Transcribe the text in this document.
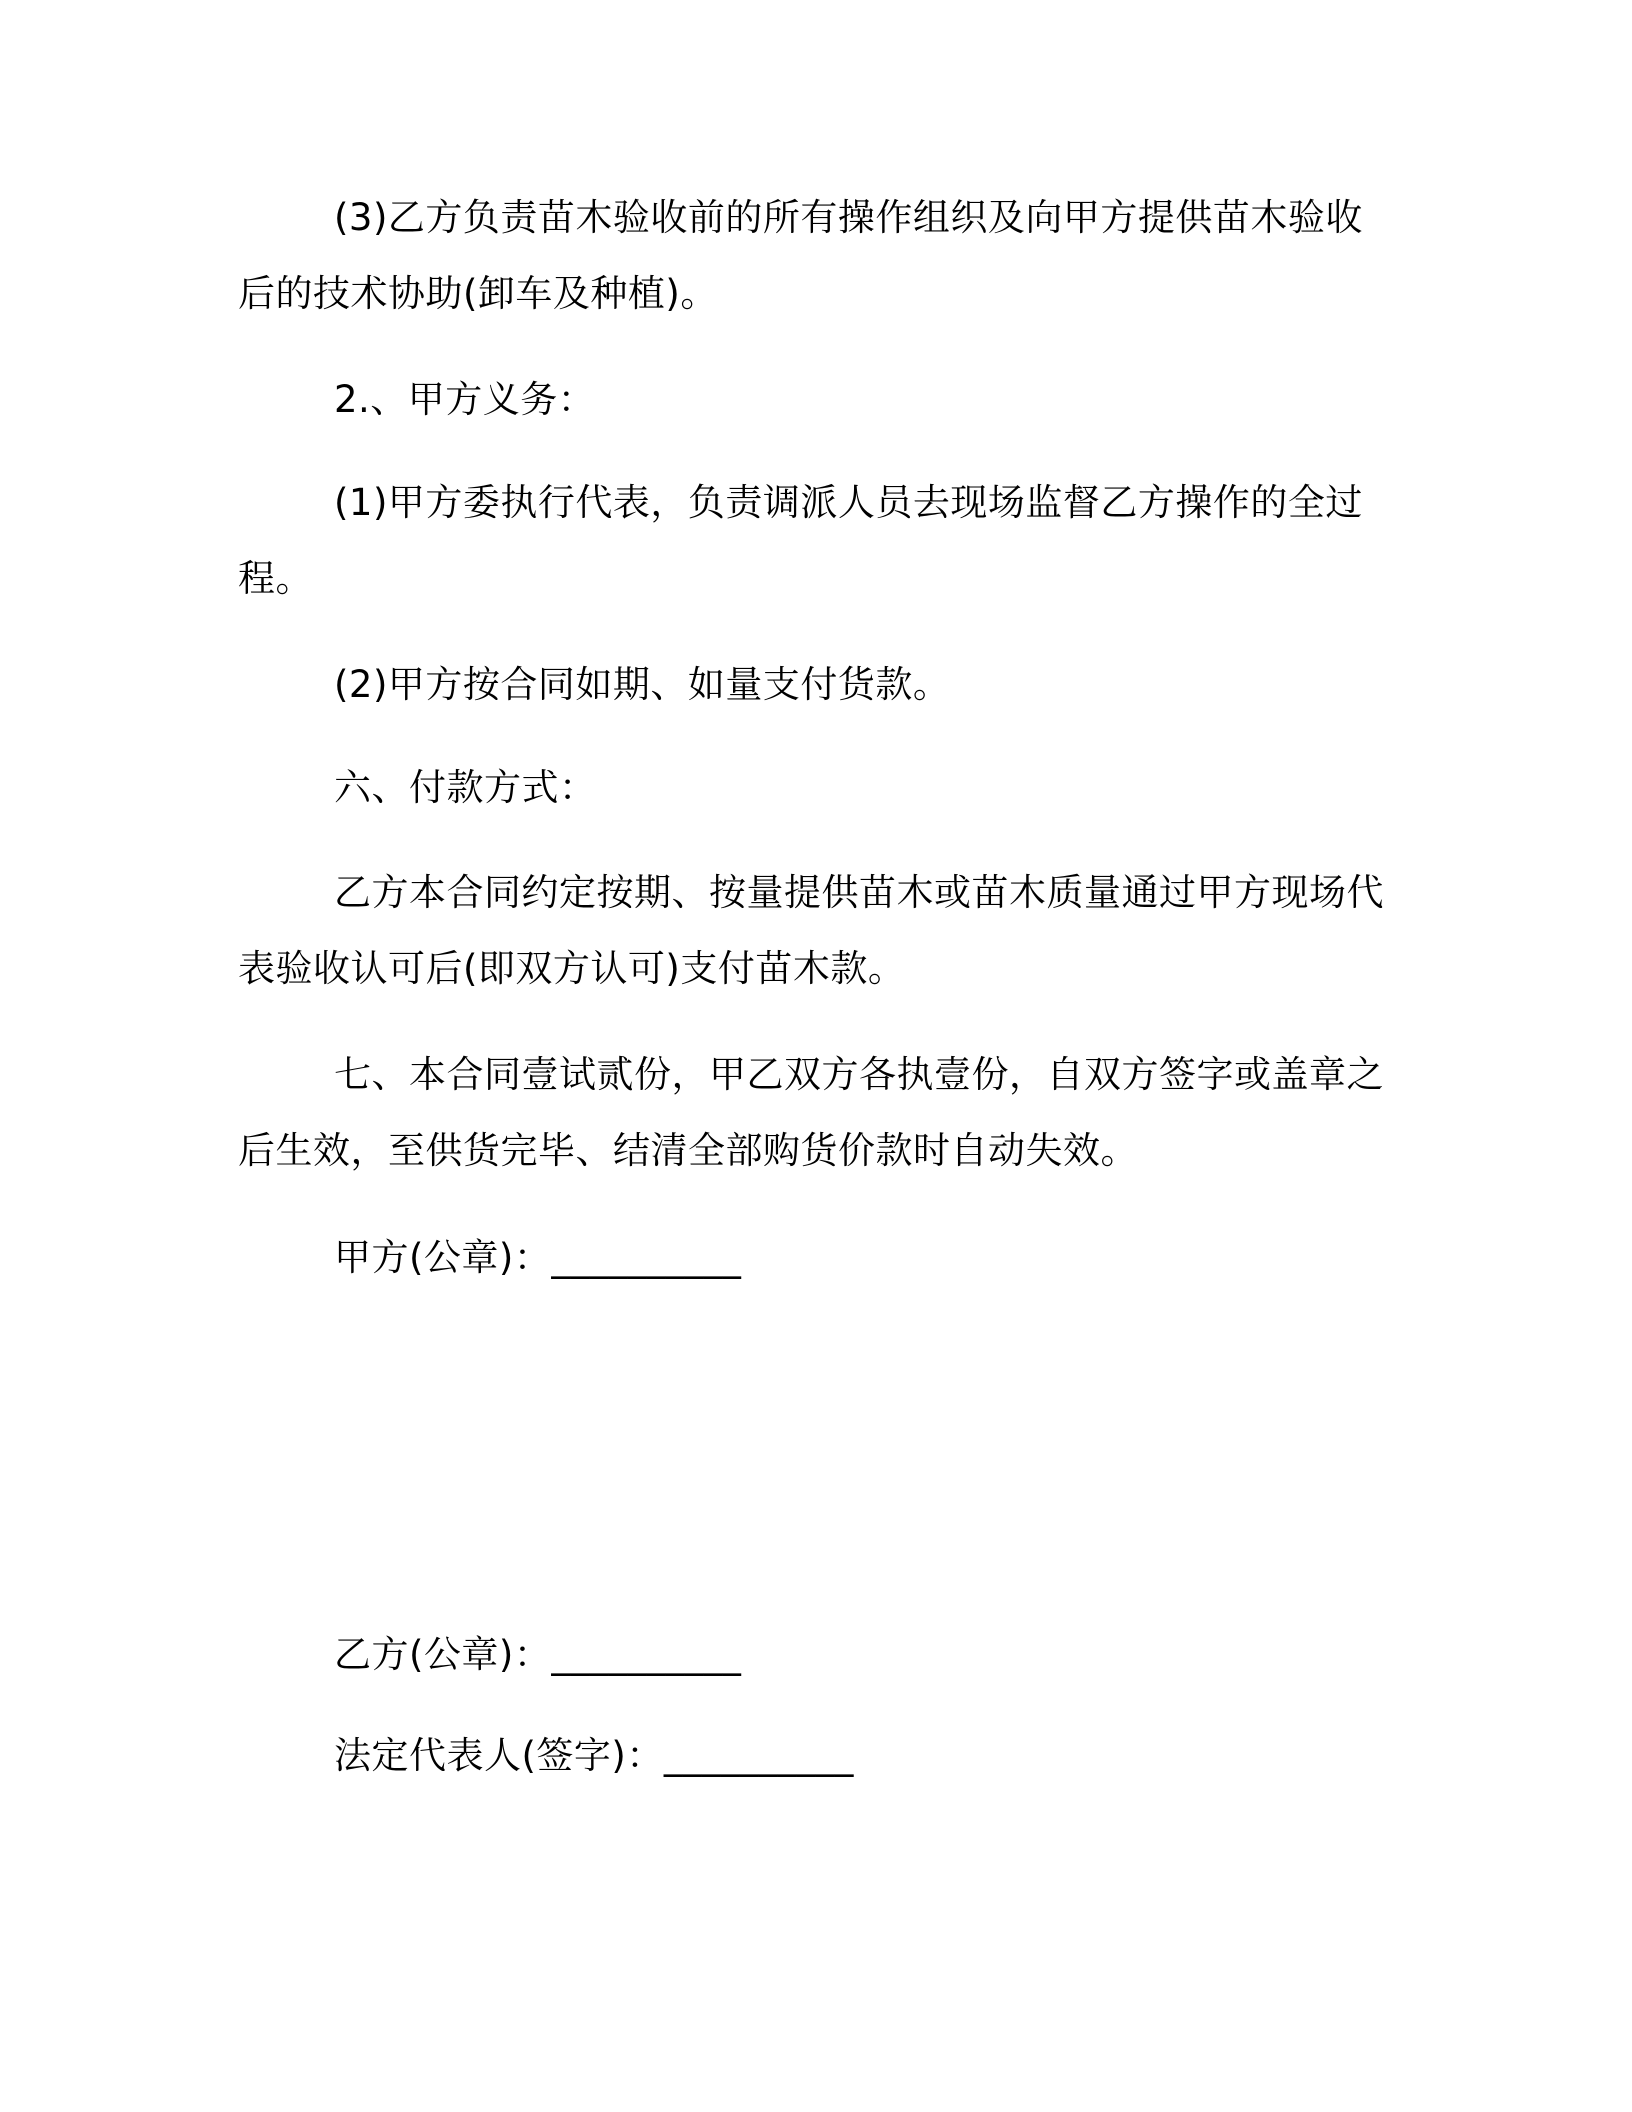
(3)乙方负责苗木验收前的所有操作组织及向甲方提供苗木验收后的技术协助(卸车及种植)。

2.、甲方义务：

(1)甲方委执行代表，负责调派人员去现场监督乙方操作的全过程。

(2)甲方按合同如期、如量支付货款。

六、付款方式：

乙方本合同约定按期、按量提供苗木或苗木质量通过甲方现场代表验收认可后(即双方认可)支付苗木款。

七、本合同壹试贰份，甲乙双方各执壹份，自双方签字或盖章之后生效，至供货完毕、结清全部购货价款时自动失效。

甲方(公章)：__________

乙方(公章)：__________

法定代表人(签字)：__________
